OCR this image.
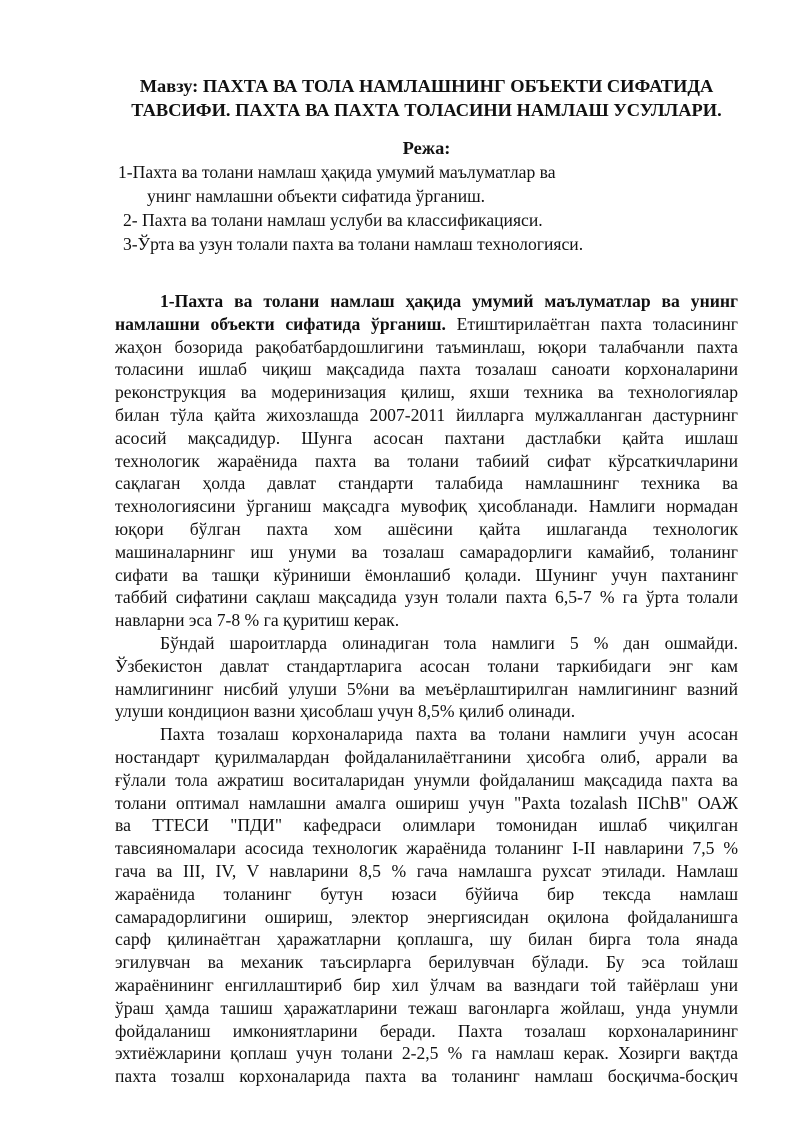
Мавзу: ПАХТА ВА ТОЛА НАМЛАШНИНГ ОБЪЕКТИ СИФАТИДА
ТАВСИФИ. ПАХТА ВА ПАХТА ТОЛАСИНИ НАМЛАШ УСУЛЛАРИ.
Режа:
1-Пахта ва толани намлаш ҳақида умумий маълуматлар ва
унинг намлашни объекти сифатида ўрганиш.
2- Пахта ва толани намлаш услуби ва классификацияси.
3-Ўрта ва узун толали пахта ва толани намлаш технологияси.
1-Пахта ва толани намлаш ҳақида умумий маълуматлар ва унинг
намлашни объекти сифатида ўрганиш. Етиштирилаётган пахта толасининг
жаҳон бозорида рақобатбардошлигини таъминлаш, юқори талабчанли пахта
толасини ишлаб чиқиш мақсадида пахта тозалаш саноати корхоналарини
реконструкция ва модеринизация қилиш, яхши техника ва технологиялар
билан тўла қайта жихозлашда 2007-2011 йилларга мулжалланган дастурнинг
асосий мақсадидур. Шунга асосан пахтани дастлабки қайта ишлаш
технологик жараёнида пахта ва толани табиий сифат кўрсаткичларини
сақлаган ҳолда давлат стандарти талабида намлашнинг техника ва
технологиясини ўрганиш мақсадга мувофиқ ҳисобланади. Намлиги нормадан
юқори бўлган пахта хом ашёсини қайта ишлаганда технологик
машиналарнинг иш унуми ва тозалаш самарадорлиги камайиб, толанинг
сифати ва ташқи кўриниши ёмонлашиб қолади. Шунинг учун пахтанинг
таббий сифатини сақлаш мақсадида узун толали пахта 6,5-7 % га ўрта толали
навларни эса 7-8 % га қуритиш керак.
Бўндай шароитларда олинадиган тола намлиги 5 % дан ошмайди.
Ўзбекистон давлат стандартларига асосан толани таркибидаги энг кам
намлигининг нисбий улуши 5%ни ва меъёрлаштирилган намлигининг вазний
улуши кондицион вазни ҳисоблаш учун 8,5% қилиб олинади.
Пахта тозалаш корхоналарида пахта ва толани намлиги учун асосан
ностандарт қурилмалардан фойдаланилаётганини ҳисобга олиб, аррали ва
ғўлали тола ажратиш воситаларидан унумли фойдаланиш мақсадида пахта ва
толани оптимал намлашни амалга ошириш учун "Paxta tozalash IIChB" ОАЖ
ва ТТЕСИ "ПДИ" кафедраси олимлари томонидан ишлаб чиқилган
тавсияномалари асосида технологик жараёнида толанинг I-II навларини 7,5 %
гача ва III, IV, V навларини 8,5 % гача намлашга рухсат этилади. Намлаш
жараёнида толанинг бутун юзаси бўйича бир тексда намлаш
самарадорлигини ошириш, электор энергиясидан оқилона фойдаланишга
сарф қилинаётган ҳаражатларни қоплашга, шу билан бирга тола янада
эгилувчан ва механик таъсирларга берилувчан бўлади. Бу эса тойлаш
жараёнининг енгиллаштириб бир хил ўлчам ва вазндаги той тайёрлаш уни
ўраш ҳамда ташиш ҳаражатларини тежаш вагонларга жойлаш, унда унумли
фойдаланиш имкониятларини беради. Пахта тозалаш корхоналарининг
эхтиёжларини қоплаш учун толани 2-2,5 % га намлаш керак. Хозирги вақтда
пахта тозалш корхоналарида пахта ва толанинг намлаш босқичма-босқич
